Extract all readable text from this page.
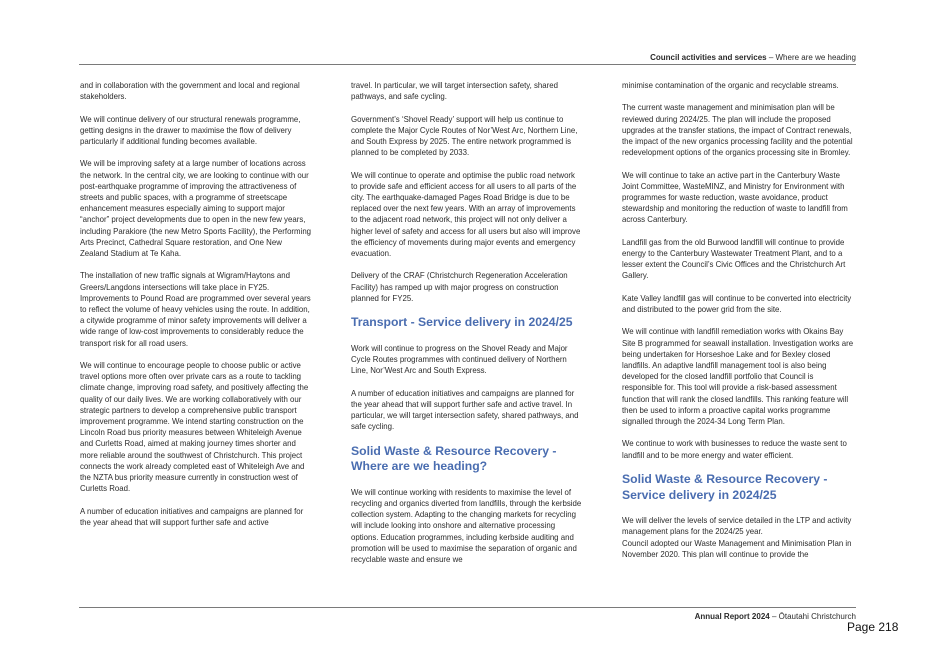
Council activities and services – Where are we heading

and in collaboration with the government and local and regional stakeholders.

We will continue delivery of our structural renewals programme, getting designs in the drawer to maximise the flow of delivery particularly if additional funding becomes available.

We will be improving safety at a large number of locations across the network. In the central city, we are looking to continue with our post-earthquake programme of improving the attractiveness of streets and public spaces, with a programme of streetscape enhancement measures especially aiming to support major “anchor” project developments due to open in the new few years, including Parakiore (the new Metro Sports Facility), the Performing Arts Precinct, Cathedral Square restoration, and One New Zealand Stadium at Te Kaha.

The installation of new traffic signals at Wigram/Haytons and Greers/Langdons intersections will take place in FY25. Improvements to Pound Road are programmed over several years to reflect the volume of heavy vehicles using the route. In addition, a citywide programme of minor safety improvements will deliver a wide range of low-cost improvements to considerably reduce the transport risk for all road users.

We will continue to encourage people to choose public or active travel options more often over private cars as a route to tackling climate change, improving road safety, and positively affecting the quality of our daily lives. We are working collaboratively with our strategic partners to develop a comprehensive public transport improvement programme. We intend starting construction on the Lincoln Road bus priority measures between Whiteleigh Avenue and Curletts Road, aimed at making journey times shorter and more reliable around the southwest of Christchurch. This project connects the work already completed east of Whiteleigh Ave and the NZTA bus priority measure currently in construction west of Curletts Road.

A number of education initiatives and campaigns are planned for the year ahead that will support further safe and active

travel. In particular, we will target intersection safety, shared pathways, and safe cycling.

Government’s ‘Shovel Ready’ support will help us continue to complete the Major Cycle Routes of Nor’West Arc, Northern Line, and South Express by 2025. The entire network programmed is planned to be completed by 2033.

We will continue to operate and optimise the public road network to provide safe and efficient access for all users to all parts of the city. The earthquake-damaged Pages Road Bridge is due to be replaced over the next few years. With an array of improvements to the adjacent road network, this project will not only deliver a higher level of safety and access for all users but also will improve the efficiency of movements during major events and emergency evacuation.

Delivery of the CRAF (Christchurch Regeneration Acceleration Facility) has ramped up with major progress on construction planned for FY25.

Transport - Service delivery in 2024/25

Work will continue to progress on the Shovel Ready and Major Cycle Routes programmes with continued delivery of Northern Line, Nor’West Arc and South Express.

A number of education initiatives and campaigns are planned for the year ahead that will support further safe and active travel. In particular, we will target intersection safety, shared pathways, and safe cycling.

Solid Waste & Resource Recovery - Where are we heading?

We will continue working with residents to maximise the level of recycling and organics diverted from landfills, through the kerbside collection system. Adapting to the changing markets for recycling will include looking into onshore and alternative processing options. Education programmes, including kerbside auditing and promotion will be used to maximise the separation of organic and recyclable waste and ensure we

minimise contamination of the organic and recyclable streams.

The current waste management and minimisation plan will be reviewed during 2024/25. The plan will include the proposed upgrades at the transfer stations, the impact of Contract renewals, the impact of the new organics processing facility and the potential redevelopment options of the organics processing site in Bromley.

We will continue to take an active part in the Canterbury Waste Joint Committee, WasteMINZ, and Ministry for Environment with programmes for waste reduction, waste avoidance, product stewardship and monitoring the reduction of waste to landfill from across Canterbury.

Landfill gas from the old Burwood landfill will continue to provide energy to the Canterbury Wastewater Treatment Plant, and to a lesser extent the Council’s Civic Offices and the Christchurch Art Gallery.

Kate Valley landfill gas will continue to be converted into electricity and distributed to the power grid from the site.

We will continue with landfill remediation works with Okains Bay Site B programmed for seawall installation. Investigation works are being undertaken for Horseshoe Lake and for Bexley closed landfills. An adaptive landfill management tool is also being developed for the closed landfill portfolio that Council is responsible for. This tool will provide a risk-based assessment function that will rank the closed landfills. This ranking feature will then be used to inform a proactive capital works programme signalled through the 2024-34 Long Term Plan.

We continue to work with businesses to reduce the waste sent to landfill and to be more energy and water efficient.

Solid Waste & Resource Recovery - Service delivery in 2024/25

We will deliver the levels of service detailed in the LTP and activity management plans for the 2024/25 year.
Council adopted our Waste Management and Minimisation Plan in November 2020. This plan will continue to provide the

Annual Report 2024 – Ōtautahi Christchurch
Page 218
